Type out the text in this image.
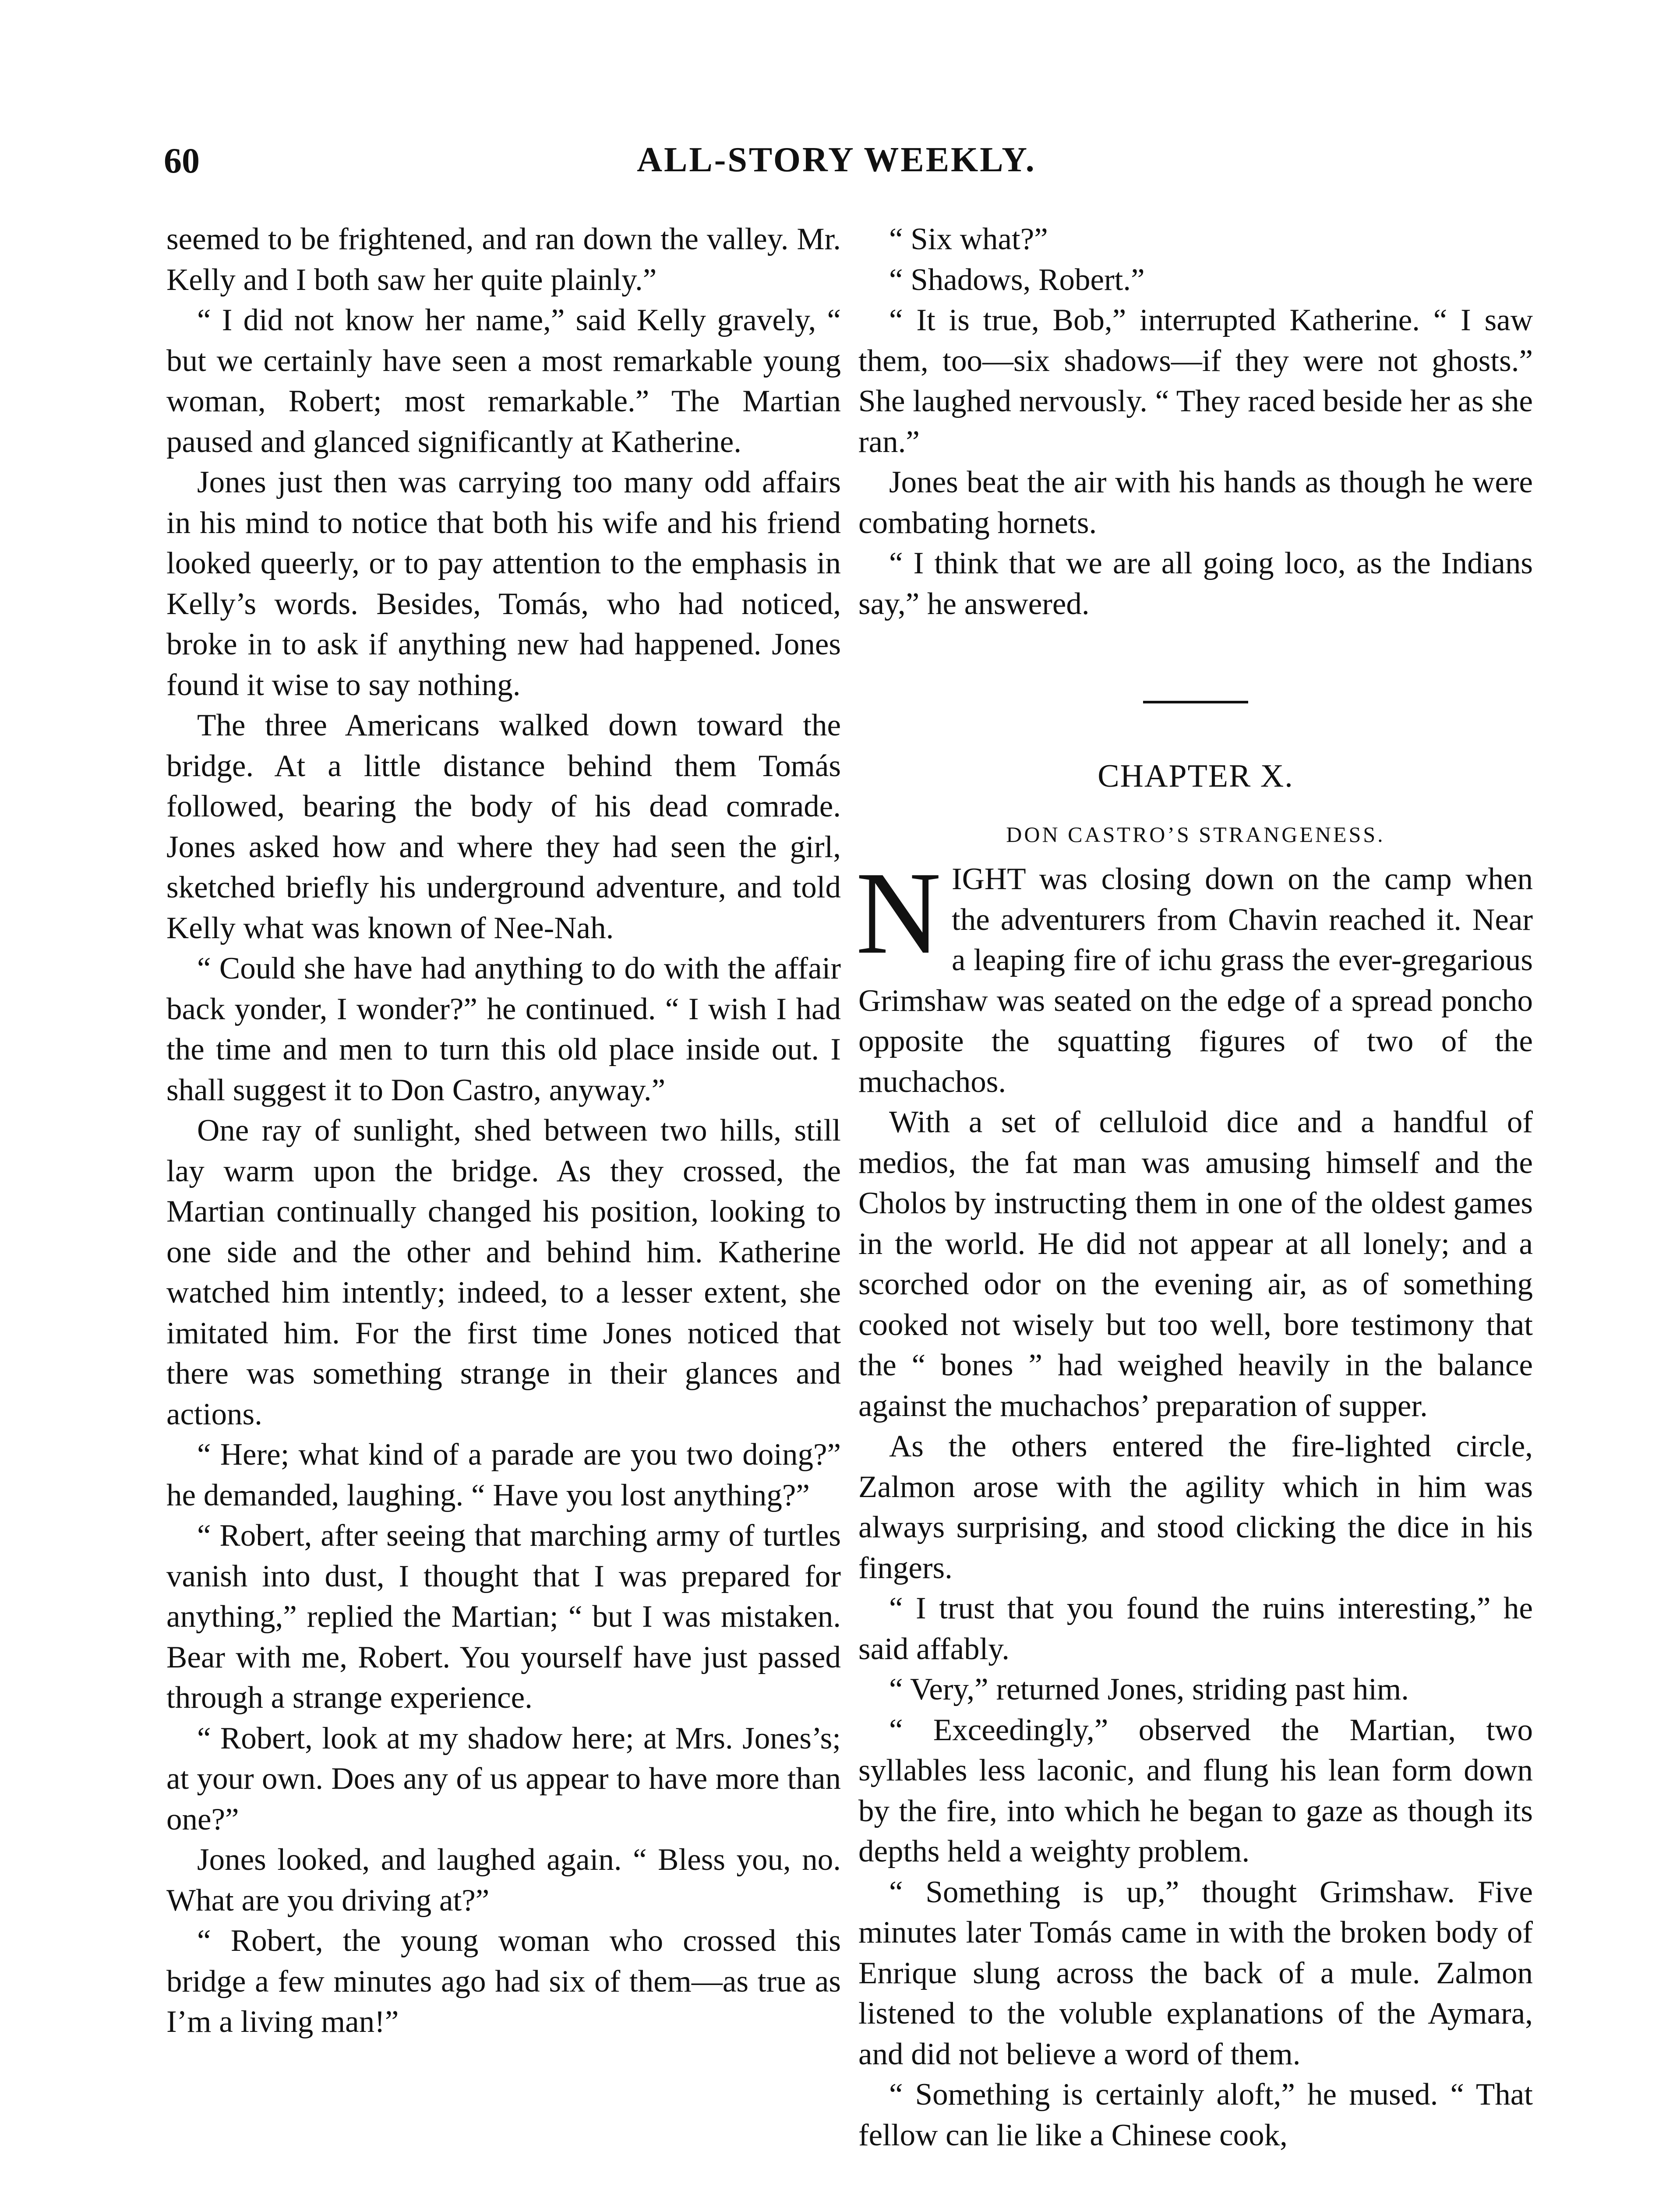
60	ALL-STORY WEEKLY.

seemed to be frightened, and ran down the valley. Mr. Kelly and I both saw her quite plainly.”

“ I did not know her name,” said Kelly gravely, “ but we certainly have seen a most remarkable young woman, Robert; most remarkable.” The Martian paused and glanced significantly at Katherine.

Jones just then was carrying too many odd affairs in his mind to notice that both his wife and his friend looked queerly, or to pay attention to the emphasis in Kelly’s words. Besides, Tomás, who had noticed, broke in to ask if anything new had happened. Jones found it wise to say nothing.

The three Americans walked down toward the bridge. At a little distance behind them Tomás followed, bearing the body of his dead comrade. Jones asked how and where they had seen the girl, sketched briefly his underground adventure, and told Kelly what was known of Nee-Nah.

“ Could she have had anything to do with the affair back yonder, I wonder?” he continued. “ I wish I had the time and men to turn this old place inside out. I shall suggest it to Don Castro, anyway.”

One ray of sunlight, shed between two hills, still lay warm upon the bridge. As they crossed, the Martian continually changed his position, looking to one side and the other and behind him. Katherine watched him intently; indeed, to a lesser extent, she imitated him. For the first time Jones noticed that there was something strange in their glances and actions.

“ Here; what kind of a parade are you two doing?” he demanded, laughing. “ Have you lost anything?”

“ Robert, after seeing that marching army of turtles vanish into dust, I thought that I was prepared for anything,” replied the Martian; “ but I was mistaken. Bear with me, Robert. You yourself have just passed through a strange experience.

“ Robert, look at my shadow here; at Mrs. Jones’s; at your own. Does any of us appear to have more than one?”

Jones looked, and laughed again. “ Bless you, no. What are you driving at?”

“ Robert, the young woman who crossed this bridge a few minutes ago had six of them—as true as I’m a living man!”

“ Six what?”

“ Shadows, Robert.”

“ It is true, Bob,” interrupted Katherine. “ I saw them, too—six shadows—if they were not ghosts.” She laughed nervously. “ They raced beside her as she ran.”

Jones beat the air with his hands as though he were combating hornets.

“ I think that we are all going loco, as the Indians say,” he answered.

CHAPTER X.

DON CASTRO’S STRANGENESS.

NIGHT was closing down on the camp when the adventurers from Chavin reached it. Near a leaping fire of ichu grass the ever-gregarious Grimshaw was seated on the edge of a spread poncho opposite the squatting figures of two of the muchachos.

With a set of celluloid dice and a handful of medios, the fat man was amusing himself and the Cholos by instructing them in one of the oldest games in the world. He did not appear at all lonely; and a scorched odor on the evening air, as of something cooked not wisely but too well, bore testimony that the “ bones ” had weighed heavily in the balance against the muchachos’ preparation of supper.

As the others entered the fire-lighted circle, Zalmon arose with the agility which in him was always surprising, and stood clicking the dice in his fingers.

“ I trust that you found the ruins interesting,” he said affably.

“ Very,” returned Jones, striding past him.

“ Exceedingly,” observed the Martian, two syllables less laconic, and flung his lean form down by the fire, into which he began to gaze as though its depths held a weighty problem.

“ Something is up,” thought Grimshaw. Five minutes later Tomás came in with the broken body of Enrique slung across the back of a mule. Zalmon listened to the voluble explanations of the Aymara, and did not believe a word of them.

“ Something is certainly aloft,” he mused. “ That fellow can lie like a Chinese cook,
